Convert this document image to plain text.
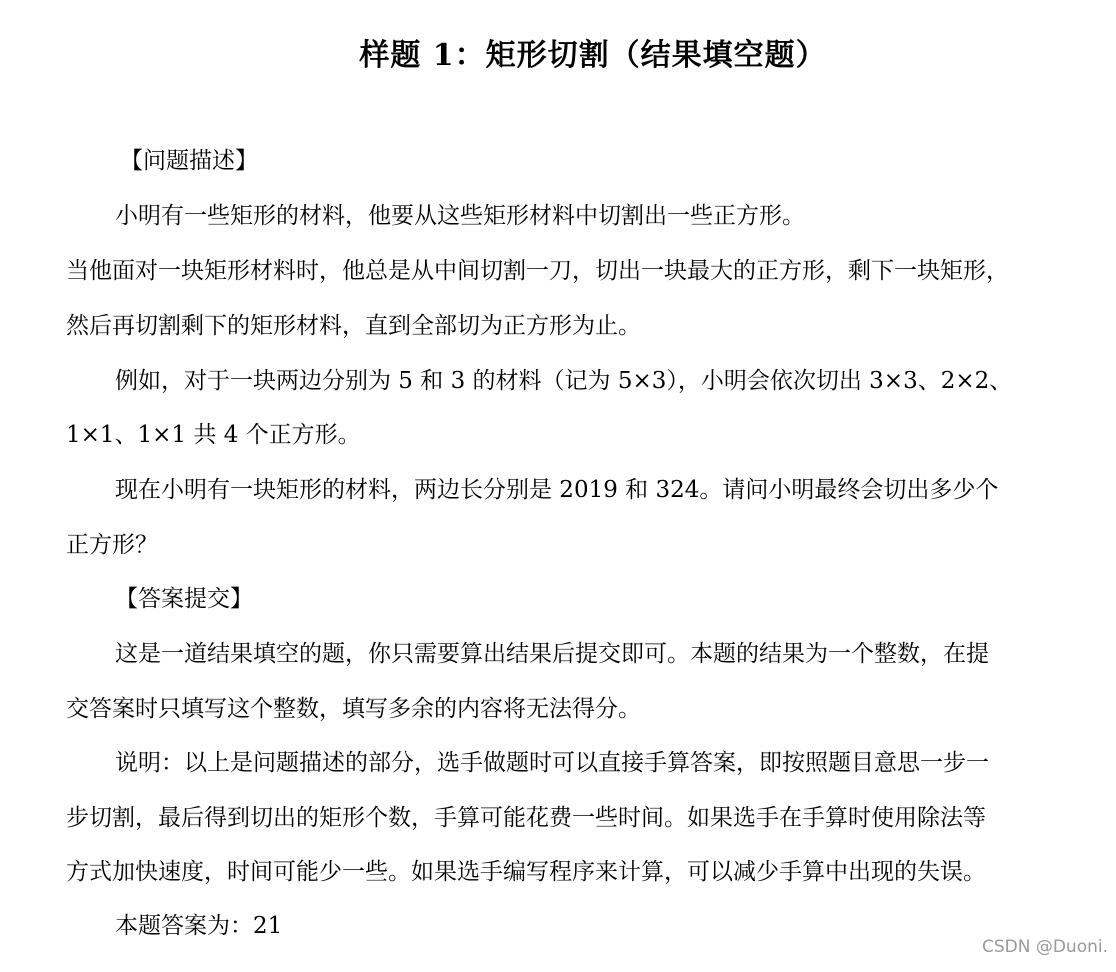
样题 1：矩形切割（结果填空题）
【问题描述】
小明有一些矩形的材料，他要从这些矩形材料中切割出一些正方形。
当他面对一块矩形材料时，他总是从中间切割一刀，切出一块最大的正方形，剩下一块矩形，
然后再切割剩下的矩形材料，直到全部切为正方形为止。
例如，对于一块两边分别为 5 和 3 的材料（记为 5×3），小明会依次切出 3×3、2×2、
1×1、1×1 共 4 个正方形。
现在小明有一块矩形的材料，两边长分别是 2019 和 324。请问小明最终会切出多少个
正方形？
【答案提交】
这是一道结果填空的题，你只需要算出结果后提交即可。本题的结果为一个整数，在提
交答案时只填写这个整数，填写多余的内容将无法得分。
说明：以上是问题描述的部分，选手做题时可以直接手算答案，即按照题目意思一步一
步切割，最后得到切出的矩形个数，手算可能花费一些时间。如果选手在手算时使用除法等
方式加快速度，时间可能少一些。如果选手编写程序来计算，可以减少手算中出现的失误。
本题答案为：21
CSDN @Duoni.
